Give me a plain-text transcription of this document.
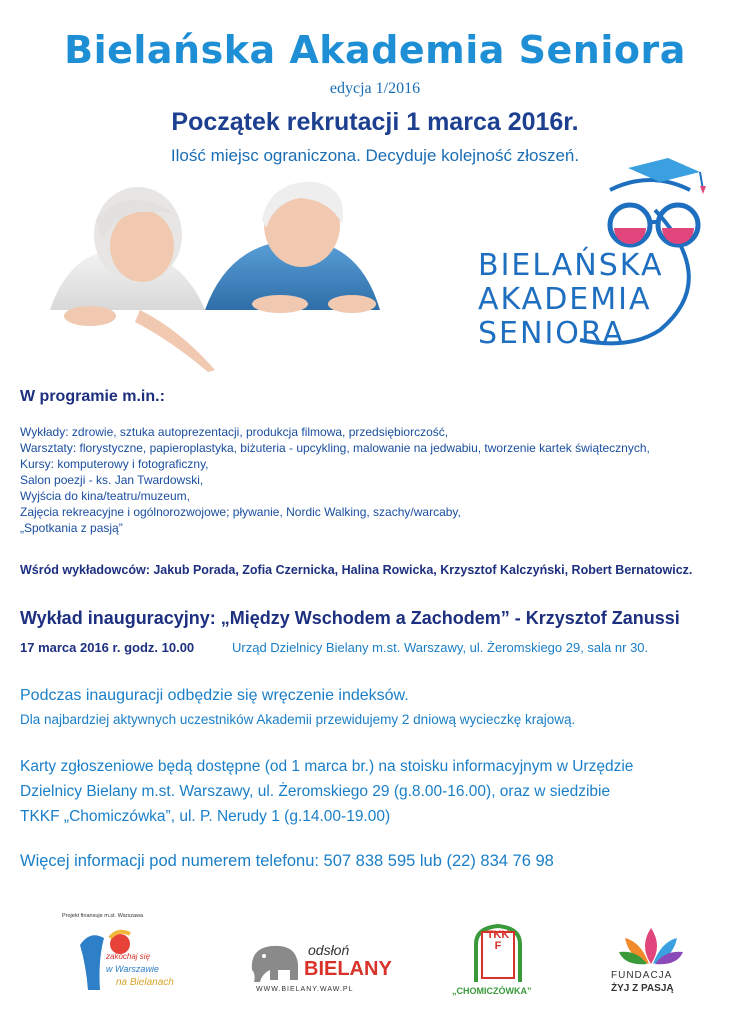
Bielańska Akademia Seniora
edycja 1/2016
Początek rekrutacji 1 marca 2016r.
Ilość miejsc ograniczona. Decyduje kolejność złoszeń.
BIELAŃSKA
AKADEMIA
SENIORA
W programie m.in.:
Wykłady: zdrowie, sztuka autoprezentacji, produkcja filmowa, przedsiębiorczość,
Warsztaty: florystyczne, papieroplastyka, biżuteria - upcykling, malowanie na jedwabiu, tworzenie kartek świątecznych,
Kursy: komputerowy i fotograficzny,
Salon poezji - ks. Jan Twardowski,
Wyjścia do kina/teatru/muzeum,
Zajęcia rekreacyjne i ogólnorozwojowe; pływanie, Nordic Walking, szachy/warcaby,
„Spotkania z pasją”
Wśród wykładowców: Jakub Porada, Zofia Czernicka, Halina Rowicka, Krzysztof Kalczyński, Robert Bernatowicz.
Wykład inauguracyjny: „Między Wschodem a Zachodem” - Krzysztof Zanussi
17 marca 2016 r. godz. 10.00	Urząd Dzielnicy Bielany m.st. Warszawy, ul. Żeromskiego 29, sala nr 30.
Podczas inauguracji odbędzie się wręczenie indeksów.
Dla najbardziej aktywnych uczestników Akademii przewidujemy 2 dniową wycieczkę krajową.
Karty zgłoszeniowe będą dostępne (od 1 marca br.) na stoisku informacyjnym w Urzędzie
Dzielnicy Bielany m.st. Warszawy, ul. Żeromskiego 29 (g.8.00-16.00), oraz w siedzibie
TKKF „Chomiczówka”, ul. P. Nerudy 1 (g.14.00-19.00)
Więcej informacji pod numerem telefonu: 507 838 595 lub (22) 834 76 98
Projekt finansuje m.st. Warszawa
zakochaj się
w Warszawie
na Bielanach
odsłoń
BIELANY
WWW.BIELANY.WAW.PL
TKKF
„CHOMICZÓWKA”
FUNDACJA
ŻYJ Z PASJĄ
